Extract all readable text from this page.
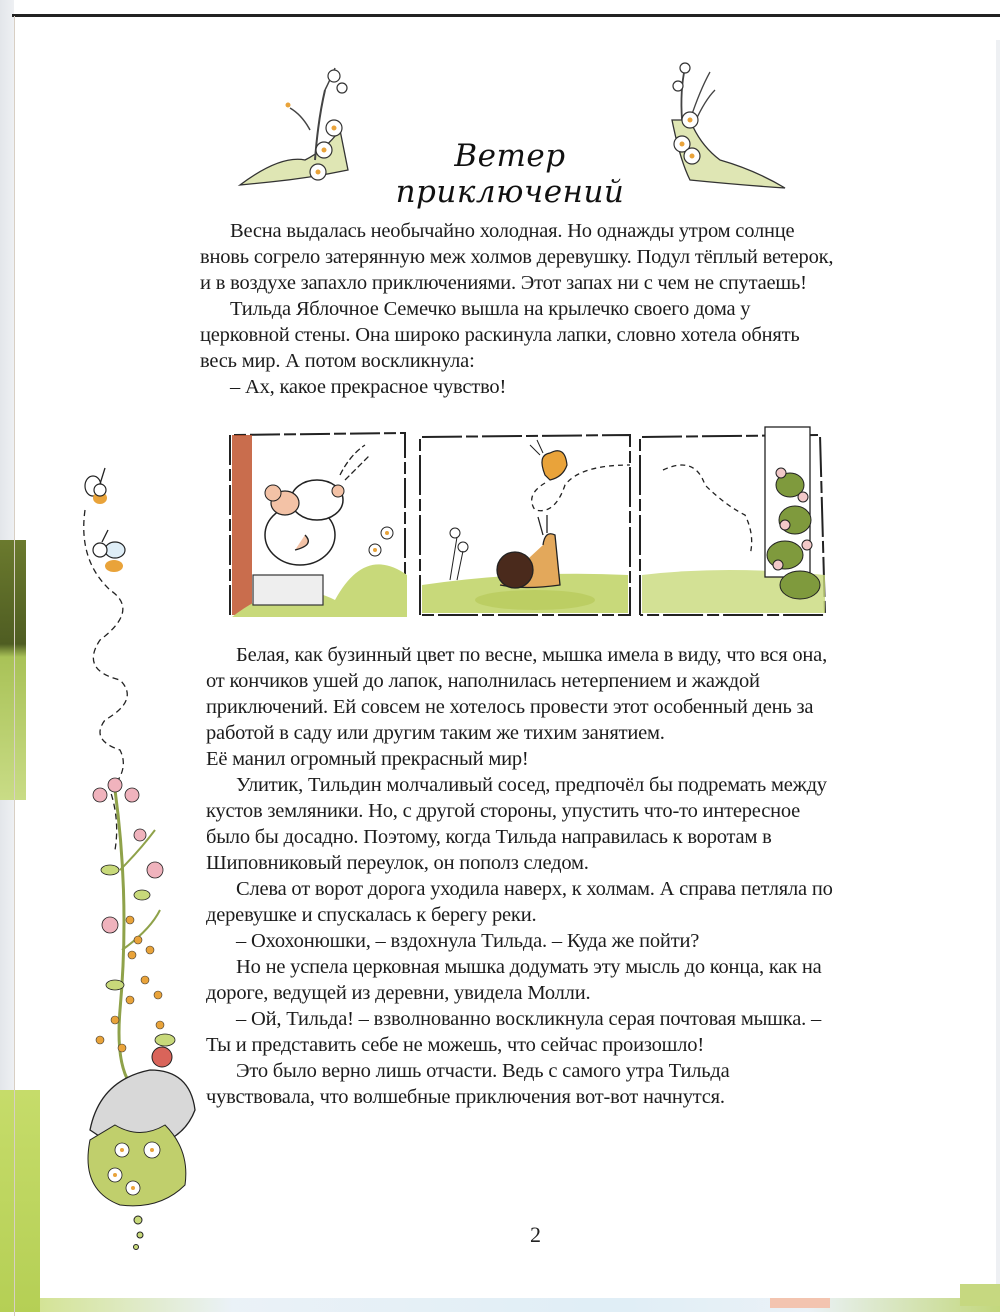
Ветер приключений

Весна выдалась необычайно холодная. Но однажды утром солнце вновь согрело затерянную меж холмов деревушку. Подул тёплый ветерок, и в воздухе запахло приключениями. Этот запах ни с чем не спутаешь!

Тильда Яблочное Семечко вышла на крылечко своего дома у церковной стены. Она широко раскинула лапки, словно хотела обнять весь мир. А потом воскликнула:

– Ах, какое прекрасное чувство!

Белая, как бузинный цвет по весне, мышка имела в виду, что вся она, от кончиков ушей до лапок, наполнилась нетерпением и жаждой приключений. Ей совсем не хотелось провести этот особенный день за работой в саду или другим таким же тихим занятием.

Её манил огромный прекрасный мир!

Улитик, Тильдин молчаливый сосед, предпочёл бы подремать между кустов земляники. Но, с другой стороны, упустить что-то интересное было бы досадно. Поэтому, когда Тильда направилась к воротам в Шиповниковый переулок, он пополз следом.

Слева от ворот дорога уходила наверх, к холмам. А справа петляла по деревушке и спускалась к берегу реки.

– Охохонюшки, – вздохнула Тильда. – Куда же пойти?

Но не успела церковная мышка додумать эту мысль до конца, как на дороге, ведущей из деревни, увидела Молли.

– Ой, Тильда! – взволнованно воскликнула серая почтовая мышка. – Ты и представить себе не можешь, что сейчас произошло!

Это было верно лишь отчасти. Ведь с самого утра Тильда чувствовала, что волшебные приключения вот-вот начнутся.

2
